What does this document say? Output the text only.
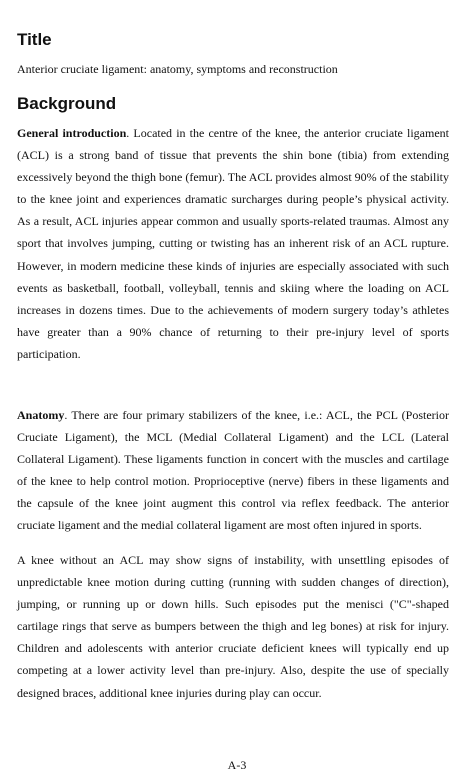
Title
Anterior cruciate ligament: anatomy, symptoms and reconstruction
Background

General introduction. Located in the centre of the knee, the anterior cruciate ligament (ACL) is a strong band of tissue that prevents the shin bone (tibia) from extending excessively beyond the thigh bone (femur). The ACL provides almost 90% of the stability to the knee joint and experiences dramatic surcharges during people’s physical activity. As a result, ACL injuries appear common and usually sports-related traumas. Almost any sport that involves jumping, cutting or twisting has an inherent risk of an ACL rupture. However, in modern medicine these kinds of injuries are especially associated with such events as basketball, football, volleyball, tennis and skiing where the loading on ACL increases in dozens times. Due to the achievements of modern surgery today’s athletes have greater than a 90% chance of returning to their pre-injury level of sports participation.

Anatomy. There are four primary stabilizers of the knee, i.e.: ACL, the PCL (Posterior Cruciate Ligament), the MCL (Medial Collateral Ligament) and the LCL (Lateral Collateral Ligament). These ligaments function in concert with the muscles and cartilage of the knee to help control motion. Proprioceptive (nerve) fibers in these ligaments and the capsule of the knee joint augment this control via reflex feedback. The anterior cruciate ligament and the medial collateral ligament are most often injured in sports.

A knee without an ACL may show signs of instability, with unsettling episodes of unpredictable knee motion during cutting (running with sudden changes of direction), jumping, or running up or down hills. Such episodes put the menisci ("C"-shaped cartilage rings that serve as bumpers between the thigh and leg bones) at risk for injury. Children and adolescents with anterior cruciate deficient knees will typically end up competing at a lower activity level than pre-injury. Also, despite the use of specially designed braces, additional knee injuries during play can occur.

A-3
